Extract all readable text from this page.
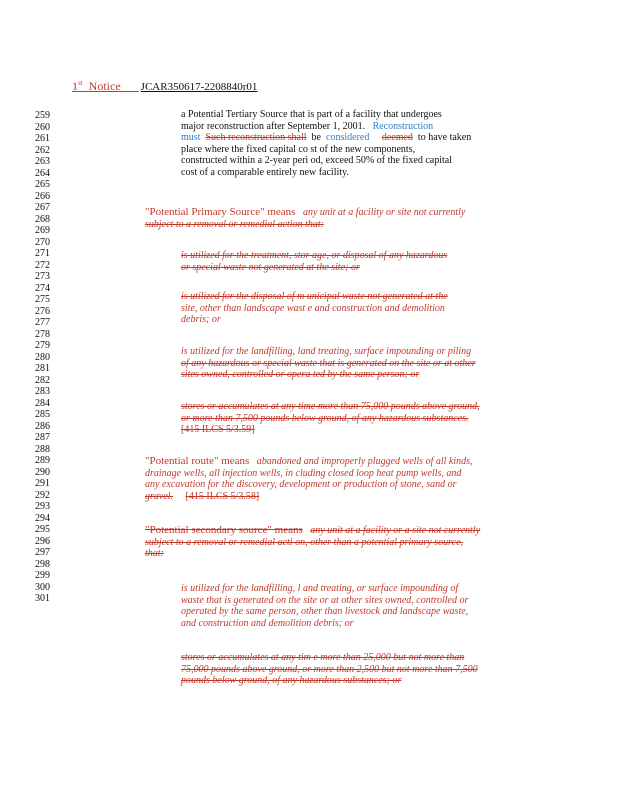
1st Notice JCAR350617-2208840r01
259
260
261
262
263
264
265
266
267
268
269
270
271
272
273
274
275
276
277
278
279
280
281
282
283
284
285
286
287
288
289
290
291
292
293
294
295
296
297
298
299
300
301
a Potential Tertiary Source that is part of a facility that undergoes
major reconstruction after September 1, 2001. Reconstruction
must Such reconstruction shall be considered deemed to have taken
place where the fixed capital co st of the new components,
constructed within a 2-year peri od, exceed 50% of the fixed capital
cost of a comparable entirely new facility.
"Potential Primary Source" means any unit at a facility or site not currently
subject to a removal or remedial action that:
is utilized for the treatment, stor age, or disposal of any hazardous
or special waste not generated at the site; or
is utilized for the disposal of m unicipal waste not generated at the
site, other than landscape wast e and construction and demolition
debris; or
is utilized for the landfilling, land treating, surface impounding or piling
of any hazardous or special waste that is generated on the site or at other
sites owned, controlled or opera ted by the same person; or
stores or accumulates at any time more than 75,000 pounds above ground,
or more than 7,500 pounds below ground, of any hazardous substances.
[415 ILCS 5/3.59]
"Potential route" means abandoned and improperly plugged wells of all kinds,
drainage wells, all injection wells, in cluding closed loop heat pump wells, and
any excavation for the discovery, development or production of stone, sand or
gravel. [415 ILCS 5/3.58]
"Potential secondary source" means any unit at a facility or a site not currently
subject to a removal or remedial acti on, other than a potential primary source,
that:
is utilized for the landfilling, l and treating, or surface impounding of
waste that is generated on the site or at other sites owned, controlled or
operated by the same person, other than livestock and landscape waste,
and construction and demolition debris; or
stores or accumulates at any tim e more than 25,000 but not more than
75,000 pounds above ground, or more than 2,500 but not more than 7,500
pounds below ground, of any hazardous substances; or
